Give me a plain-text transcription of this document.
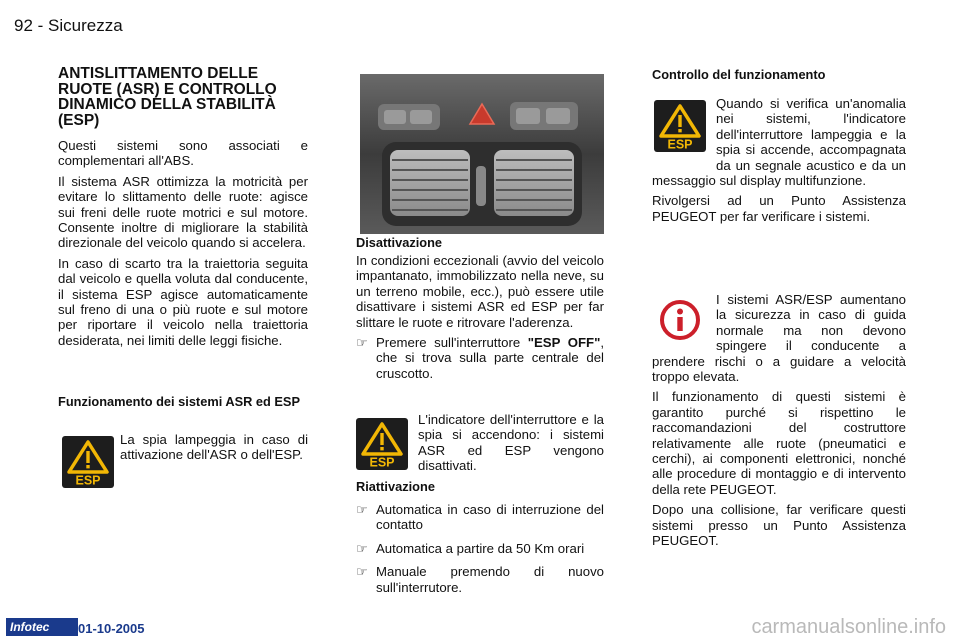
92 - Sicurezza
ANTISLITTAMENTO DELLE RUOTE (ASR) E CONTROLLO DINAMICO DELLA STABILITÀ (ESP)

Questi sistemi sono associati e complementari all'ABS.

Il sistema ASR ottimizza la motricità per evitare lo slittamento delle ruote: agisce sui freni delle ruote motrici e sul motore. Consente inoltre di migliorare la stabilità direzionale del veicolo quando si accelera.

In caso di scarto tra la traiettoria seguita dal veicolo e quella voluta dal conducente, il sistema ESP agisce automaticamente sul freno di una o più ruote e sul motore per riportare il veicolo nella traiettoria desiderata, nei limiti delle leggi fisiche.

Funzionamento dei sistemi ASR ed ESP
ESP
La spia lampeggia in caso di attivazione dell'ASR o dell'ESP.
Disattivazione

In condizioni eccezionali (avvio del veicolo impantanato, immobilizzato nella neve, su un terreno mobile, ecc.), può essere utile disattivare i sistemi ASR ed ESP per far slittare le ruote e ritrovare l'aderenza.

☞ Premere sull'interruttore "ESP OFF", che si trova sulla parte centrale del cruscotto.
ESP
L'indicatore dell'interruttore e la spia si accendono: i sistemi ASR ed ESP vengono disattivati.
Riattivazione
☞ Automatica in caso di interruzione del contatto
☞ Automatica a partire da 50 Km orari
☞ Manuale premendo di nuovo sull'interrutore.
Controllo del funzionamento
ESP

Quando si verifica un'anomalia nei sistemi, l'indicatore dell'interruttore lampeggia e la spia si accende, accompagnata da un segnale acustico e da un messaggio sul display multifunzione.

Rivolgersi ad un Punto Assistenza PEUGEOT per far verificare i sistemi.

I sistemi ASR/ESP aumentano la sicurezza in caso di guida normale ma non devono spingere il conducente a prendere rischi o a guidare a velocità troppo elevata.

Il funzionamento di questi sistemi è garantito purché si rispettino le raccomandazioni del costruttore relativamente alle ruote (pneumatici e cerchi), ai componenti elettronici, nonché alle procedure di montaggio e di intervento della rete PEUGEOT.

Dopo una collisione, far verificare questi sistemi presso un Punto Assistenza PEUGEOT.

Infotec	01-10-2005	carmanualsonline.info
